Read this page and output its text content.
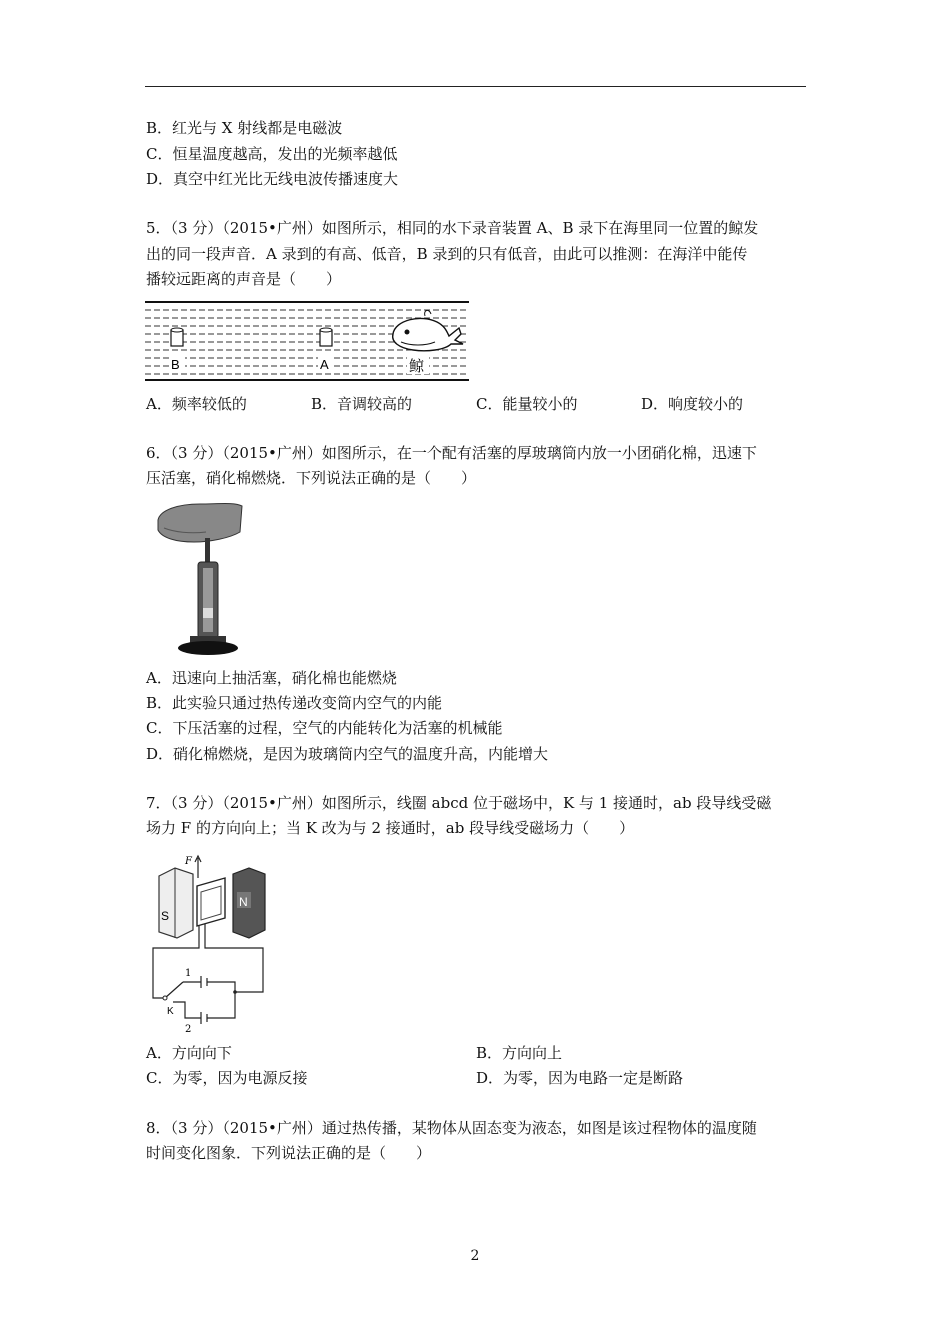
B．红光与 X 射线都是电磁波
C．恒星温度越高，发出的光频率越低
D．真空中红光比无线电波传播速度大
5．（3 分）（2015•广州）如图所示，相同的水下录音装置 A、B 录下在海里同一位置的鲸发
出的同一段声音．A 录到的有高、低音，B 录到的只有低音，由此可以推测：在海洋中能传
播较远距离的声音是（　　）
B	A	鲸
A．频率较低的	B．音调较高的	C．能量较小的	D．响度较小的
6．（3 分）（2015•广州）如图所示，在一个配有活塞的厚玻璃筒内放一小团硝化棉，迅速下
压活塞，硝化棉燃烧．下列说法正确的是（　　）
A．迅速向上抽活塞，硝化棉也能燃烧
B．此实验只通过热传递改变筒内空气的内能
C．下压活塞的过程，空气的内能转化为活塞的机械能
D．硝化棉燃烧，是因为玻璃筒内空气的温度升高，内能增大
7．（3 分）（2015•广州）如图所示，线圈 abcd 位于磁场中，K 与 1 接通时，ab 段导线受磁
场力 F 的方向向上；当 K 改为与 2 接通时，ab 段导线受磁场力（　　）
F
S
N
1
K
2
A．方向向下	B．方向向上
C．为零，因为电源反接	D．为零，因为电路一定是断路
8．（3 分）（2015•广州）通过热传播，某物体从固态变为液态，如图是该过程物体的温度随
时间变化图象．下列说法正确的是（　　）
2
